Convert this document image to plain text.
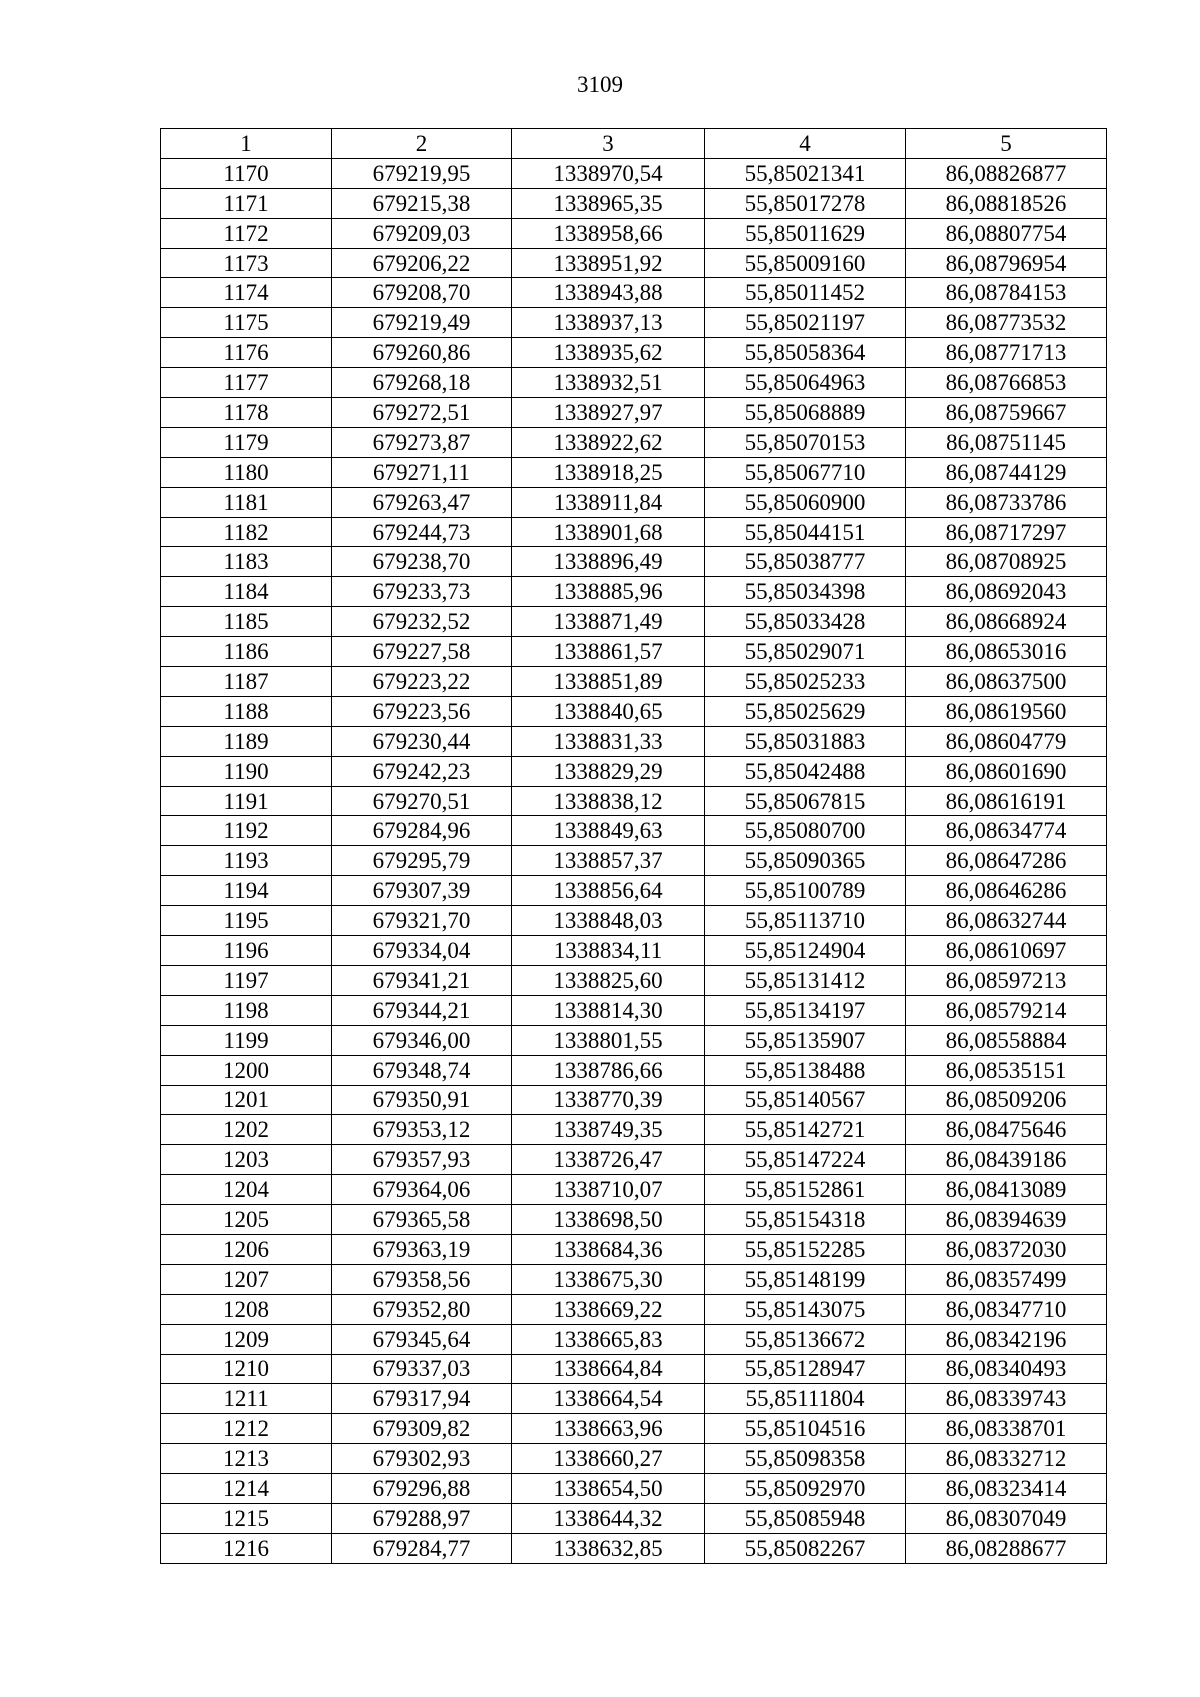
3109
1	2	3	4	5
1170	679219,95	1338970,54	55,85021341	86,08826877
1171	679215,38	1338965,35	55,85017278	86,08818526
1172	679209,03	1338958,66	55,85011629	86,08807754
1173	679206,22	1338951,92	55,85009160	86,08796954
1174	679208,70	1338943,88	55,85011452	86,08784153
1175	679219,49	1338937,13	55,85021197	86,08773532
1176	679260,86	1338935,62	55,85058364	86,08771713
1177	679268,18	1338932,51	55,85064963	86,08766853
1178	679272,51	1338927,97	55,85068889	86,08759667
1179	679273,87	1338922,62	55,85070153	86,08751145
1180	679271,11	1338918,25	55,85067710	86,08744129
1181	679263,47	1338911,84	55,85060900	86,08733786
1182	679244,73	1338901,68	55,85044151	86,08717297
1183	679238,70	1338896,49	55,85038777	86,08708925
1184	679233,73	1338885,96	55,85034398	86,08692043
1185	679232,52	1338871,49	55,85033428	86,08668924
1186	679227,58	1338861,57	55,85029071	86,08653016
1187	679223,22	1338851,89	55,85025233	86,08637500
1188	679223,56	1338840,65	55,85025629	86,08619560
1189	679230,44	1338831,33	55,85031883	86,08604779
1190	679242,23	1338829,29	55,85042488	86,08601690
1191	679270,51	1338838,12	55,85067815	86,08616191
1192	679284,96	1338849,63	55,85080700	86,08634774
1193	679295,79	1338857,37	55,85090365	86,08647286
1194	679307,39	1338856,64	55,85100789	86,08646286
1195	679321,70	1338848,03	55,85113710	86,08632744
1196	679334,04	1338834,11	55,85124904	86,08610697
1197	679341,21	1338825,60	55,85131412	86,08597213
1198	679344,21	1338814,30	55,85134197	86,08579214
1199	679346,00	1338801,55	55,85135907	86,08558884
1200	679348,74	1338786,66	55,85138488	86,08535151
1201	679350,91	1338770,39	55,85140567	86,08509206
1202	679353,12	1338749,35	55,85142721	86,08475646
1203	679357,93	1338726,47	55,85147224	86,08439186
1204	679364,06	1338710,07	55,85152861	86,08413089
1205	679365,58	1338698,50	55,85154318	86,08394639
1206	679363,19	1338684,36	55,85152285	86,08372030
1207	679358,56	1338675,30	55,85148199	86,08357499
1208	679352,80	1338669,22	55,85143075	86,08347710
1209	679345,64	1338665,83	55,85136672	86,08342196
1210	679337,03	1338664,84	55,85128947	86,08340493
1211	679317,94	1338664,54	55,85111804	86,08339743
1212	679309,82	1338663,96	55,85104516	86,08338701
1213	679302,93	1338660,27	55,85098358	86,08332712
1214	679296,88	1338654,50	55,85092970	86,08323414
1215	679288,97	1338644,32	55,85085948	86,08307049
1216	679284,77	1338632,85	55,85082267	86,08288677
